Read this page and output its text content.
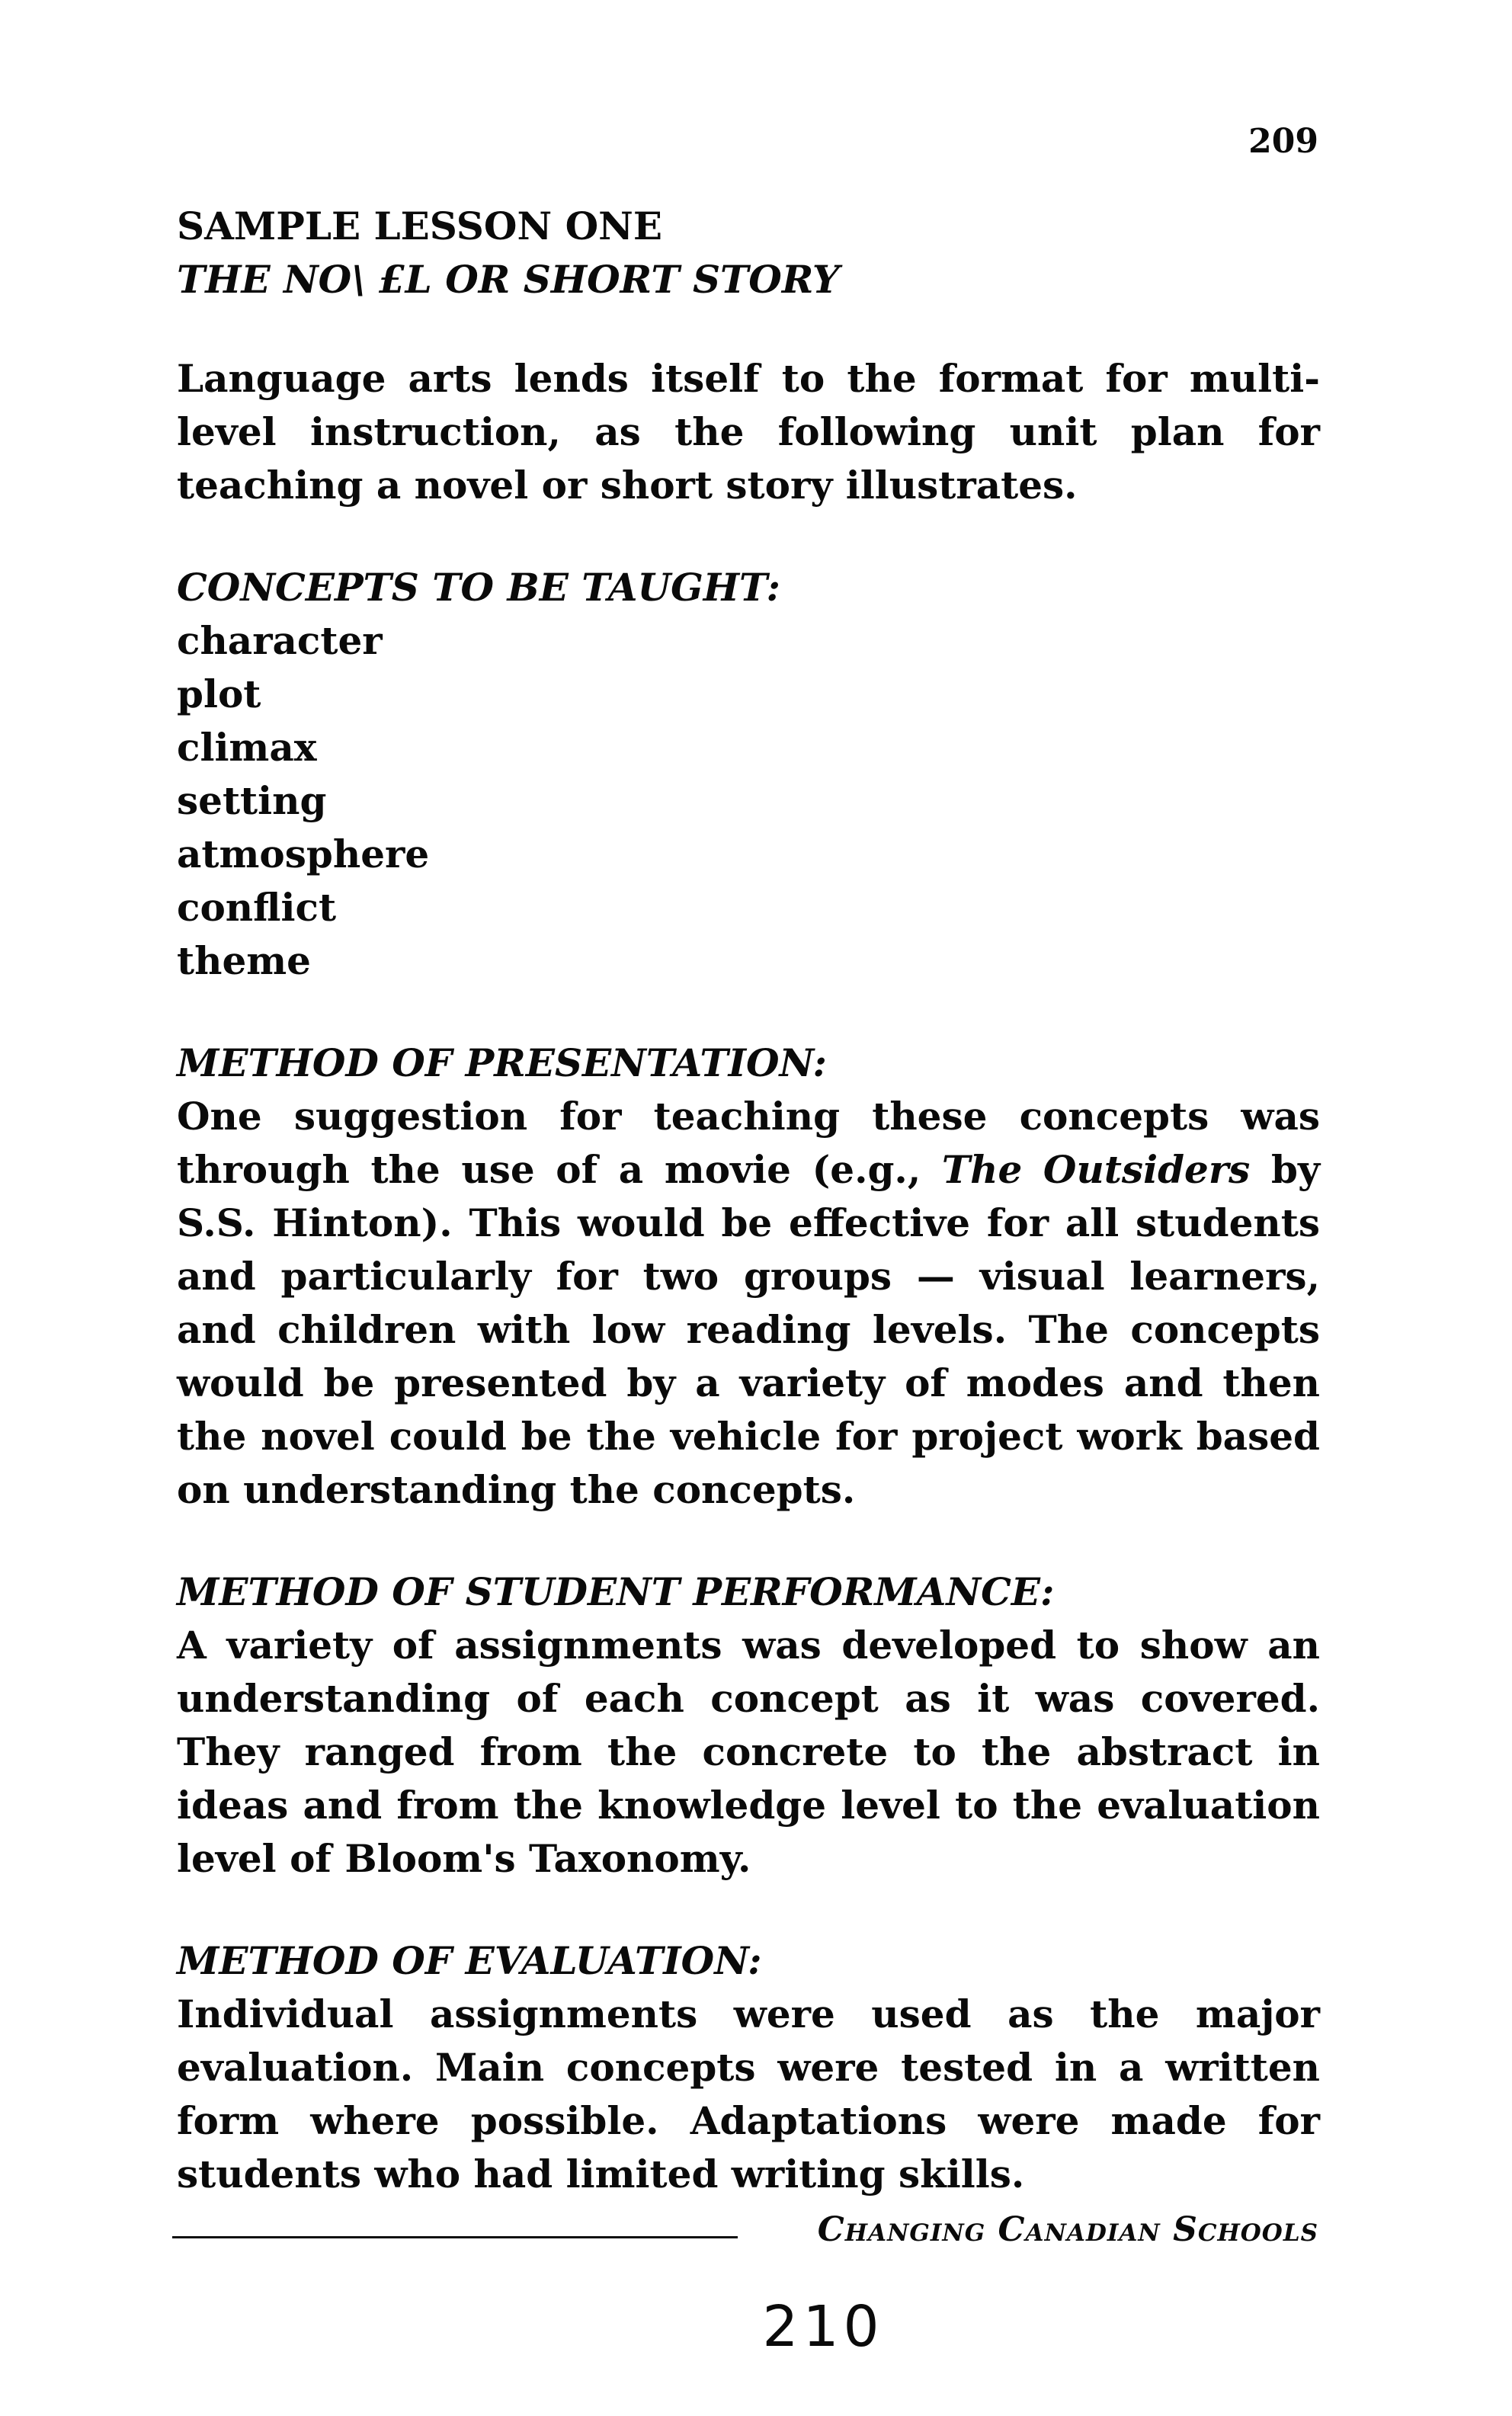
209

SAMPLE LESSON ONE

THE NO\ £L OR SHORT STORY

Language arts lends itself to the format for multi-level instruction, as the following unit plan for teaching a novel or short story illustrates.

CONCEPTS TO BE TAUGHT:

character
plot
climax
setting
atmosphere
conflict
theme

METHOD OF PRESENTATION:

One suggestion for teaching these concepts was through the use of a movie (e.g., The Outsiders by S.S. Hinton). This would be effective for all students and particularly for two groups — visual learners, and children with low reading levels. The concepts would be presented by a variety of modes and then the novel could be the vehicle for project work based on understanding the concepts.

METHOD OF STUDENT PERFORMANCE:

A variety of assignments was developed to show an understanding of each concept as it was covered. They ranged from the concrete to the abstract in ideas and from the knowledge level to the evaluation level of Bloom's Taxonomy.

METHOD OF EVALUATION:

Individual assignments were used as the major evaluation. Main concepts were tested in a written form where possible. Adaptations were made for students who had limited writing skills.

Changing Canadian Schools
210
